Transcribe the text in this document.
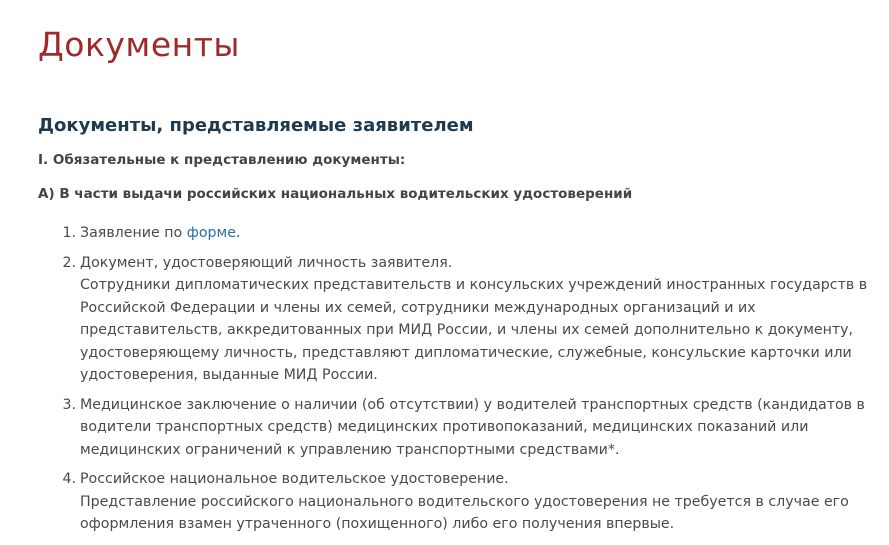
Документы
Документы, представляемые заявителем
I. Обязательные к представлению документы:
А) В части выдачи российских национальных водительских удостоверений
1. Заявление по форме.
2. Документ, удостоверяющий личность заявителя.
Сотрудники дипломатических представительств и консульских учреждений иностранных государств в
Российской Федерации и члены их семей, сотрудники международных организаций и их
представительств, аккредитованных при МИД России, и члены их семей дополнительно к документу,
удостоверяющему личность, представляют дипломатические, служебные, консульские карточки или
удостоверения, выданные МИД России.
3. Медицинское заключение о наличии (об отсутствии) у водителей транспортных средств (кандидатов в
водители транспортных средств) медицинских противопоказаний, медицинских показаний или
медицинских ограничений к управлению транспортными средствами*.
4. Российское национальное водительское удостоверение.
Представление российского национального водительского удостоверения не требуется в случае его
оформления взамен утраченного (похищенного) либо его получения впервые.
